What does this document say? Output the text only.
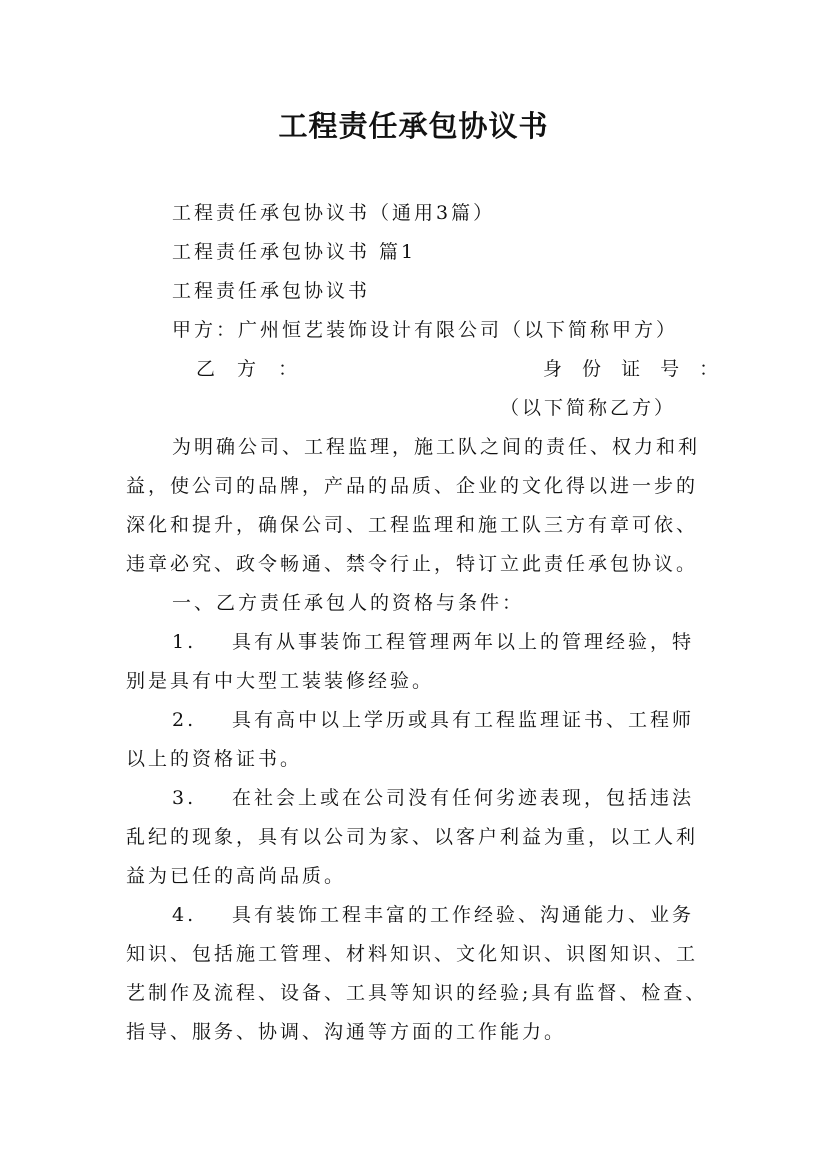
工程责任承包协议书
工程责任承包协议书（通用3篇）
工程责任承包协议书 篇1
工程责任承包协议书
甲方：广州恒艺装饰设计有限公司（以下简称甲方）
乙 方 ：	身 份 证 号 ：
（以下简称乙方）
为明确公司、工程监理，施工队之间的责任、权力和利
益，使公司的品牌，产品的品质、企业的文化得以进一步的
深化和提升，确保公司、工程监理和施工队三方有章可依、
违章必究、政令畅通、禁令行止，特订立此责任承包协议。
一、乙方责任承包人的资格与条件：
1. 具有从事装饰工程管理两年以上的管理经验，特
别是具有中大型工装装修经验。
2. 具有高中以上学历或具有工程监理证书、工程师
以上的资格证书。
3. 在社会上或在公司没有任何劣迹表现，包括违法
乱纪的现象，具有以公司为家、以客户利益为重，以工人利
益为已任的高尚品质。
4. 具有装饰工程丰富的工作经验、沟通能力、业务
知识、包括施工管理、材料知识、文化知识、识图知识、工
艺制作及流程、设备、工具等知识的经验;具有监督、检查、
指导、服务、协调、沟通等方面的工作能力。
